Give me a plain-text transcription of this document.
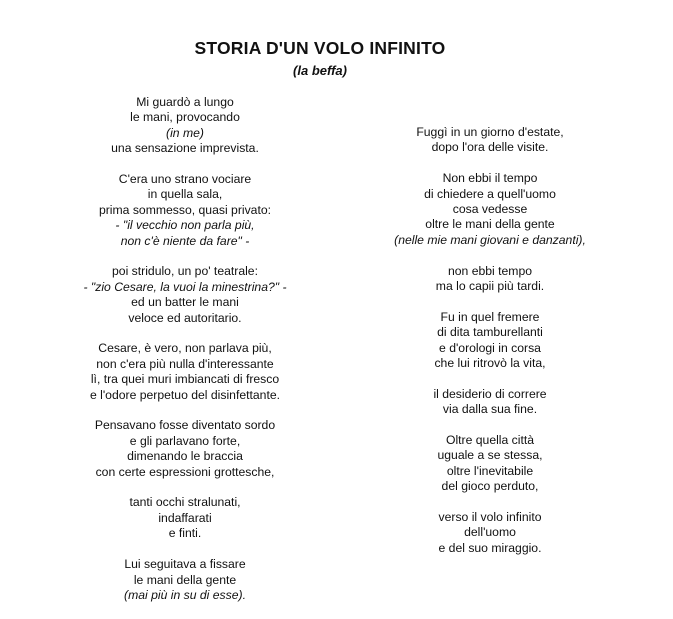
STORIA D'UN VOLO INFINITO
(la beffa)
Mi guardò a lungo
le mani, provocando
(in me)
una sensazione imprevista.
C'era uno strano vociare
in quella sala,
prima sommesso, quasi privato:
- "il vecchio non parla più,
non c'è niente da fare" -
poi stridulo, un po' teatrale:
- "zio Cesare, la vuoi la minestrina?" -
ed un batter le mani
veloce ed autoritario.
Cesare, è vero, non parlava più,
non c'era più nulla d'interessante
lì, tra quei muri imbiancati di fresco
e l'odore perpetuo del disinfettante.
Pensavano fosse diventato sordo
e gli parlavano forte,
dimenando le braccia
con certe espressioni grottesche,
tanti occhi stralunati,
indaffarati
e finti.
Lui seguitava a fissare
le mani della gente
(mai più in su di esse).
Fuggì in un giorno d'estate,
dopo l'ora delle visite.
Non ebbi il tempo
di chiedere a quell'uomo
cosa vedesse
oltre le mani della gente
(nelle mie mani giovani e danzanti),
non ebbi tempo
ma lo capii più tardi.
Fu in quel fremere
di dita tamburellanti
e d'orologi in corsa
che lui ritrovò la vita,
il desiderio di correre
via dalla sua fine.
Oltre quella città
uguale a se stessa,
oltre l'inevitabile
del gioco perduto,
verso il volo infinito
dell'uomo
e del suo miraggio.
